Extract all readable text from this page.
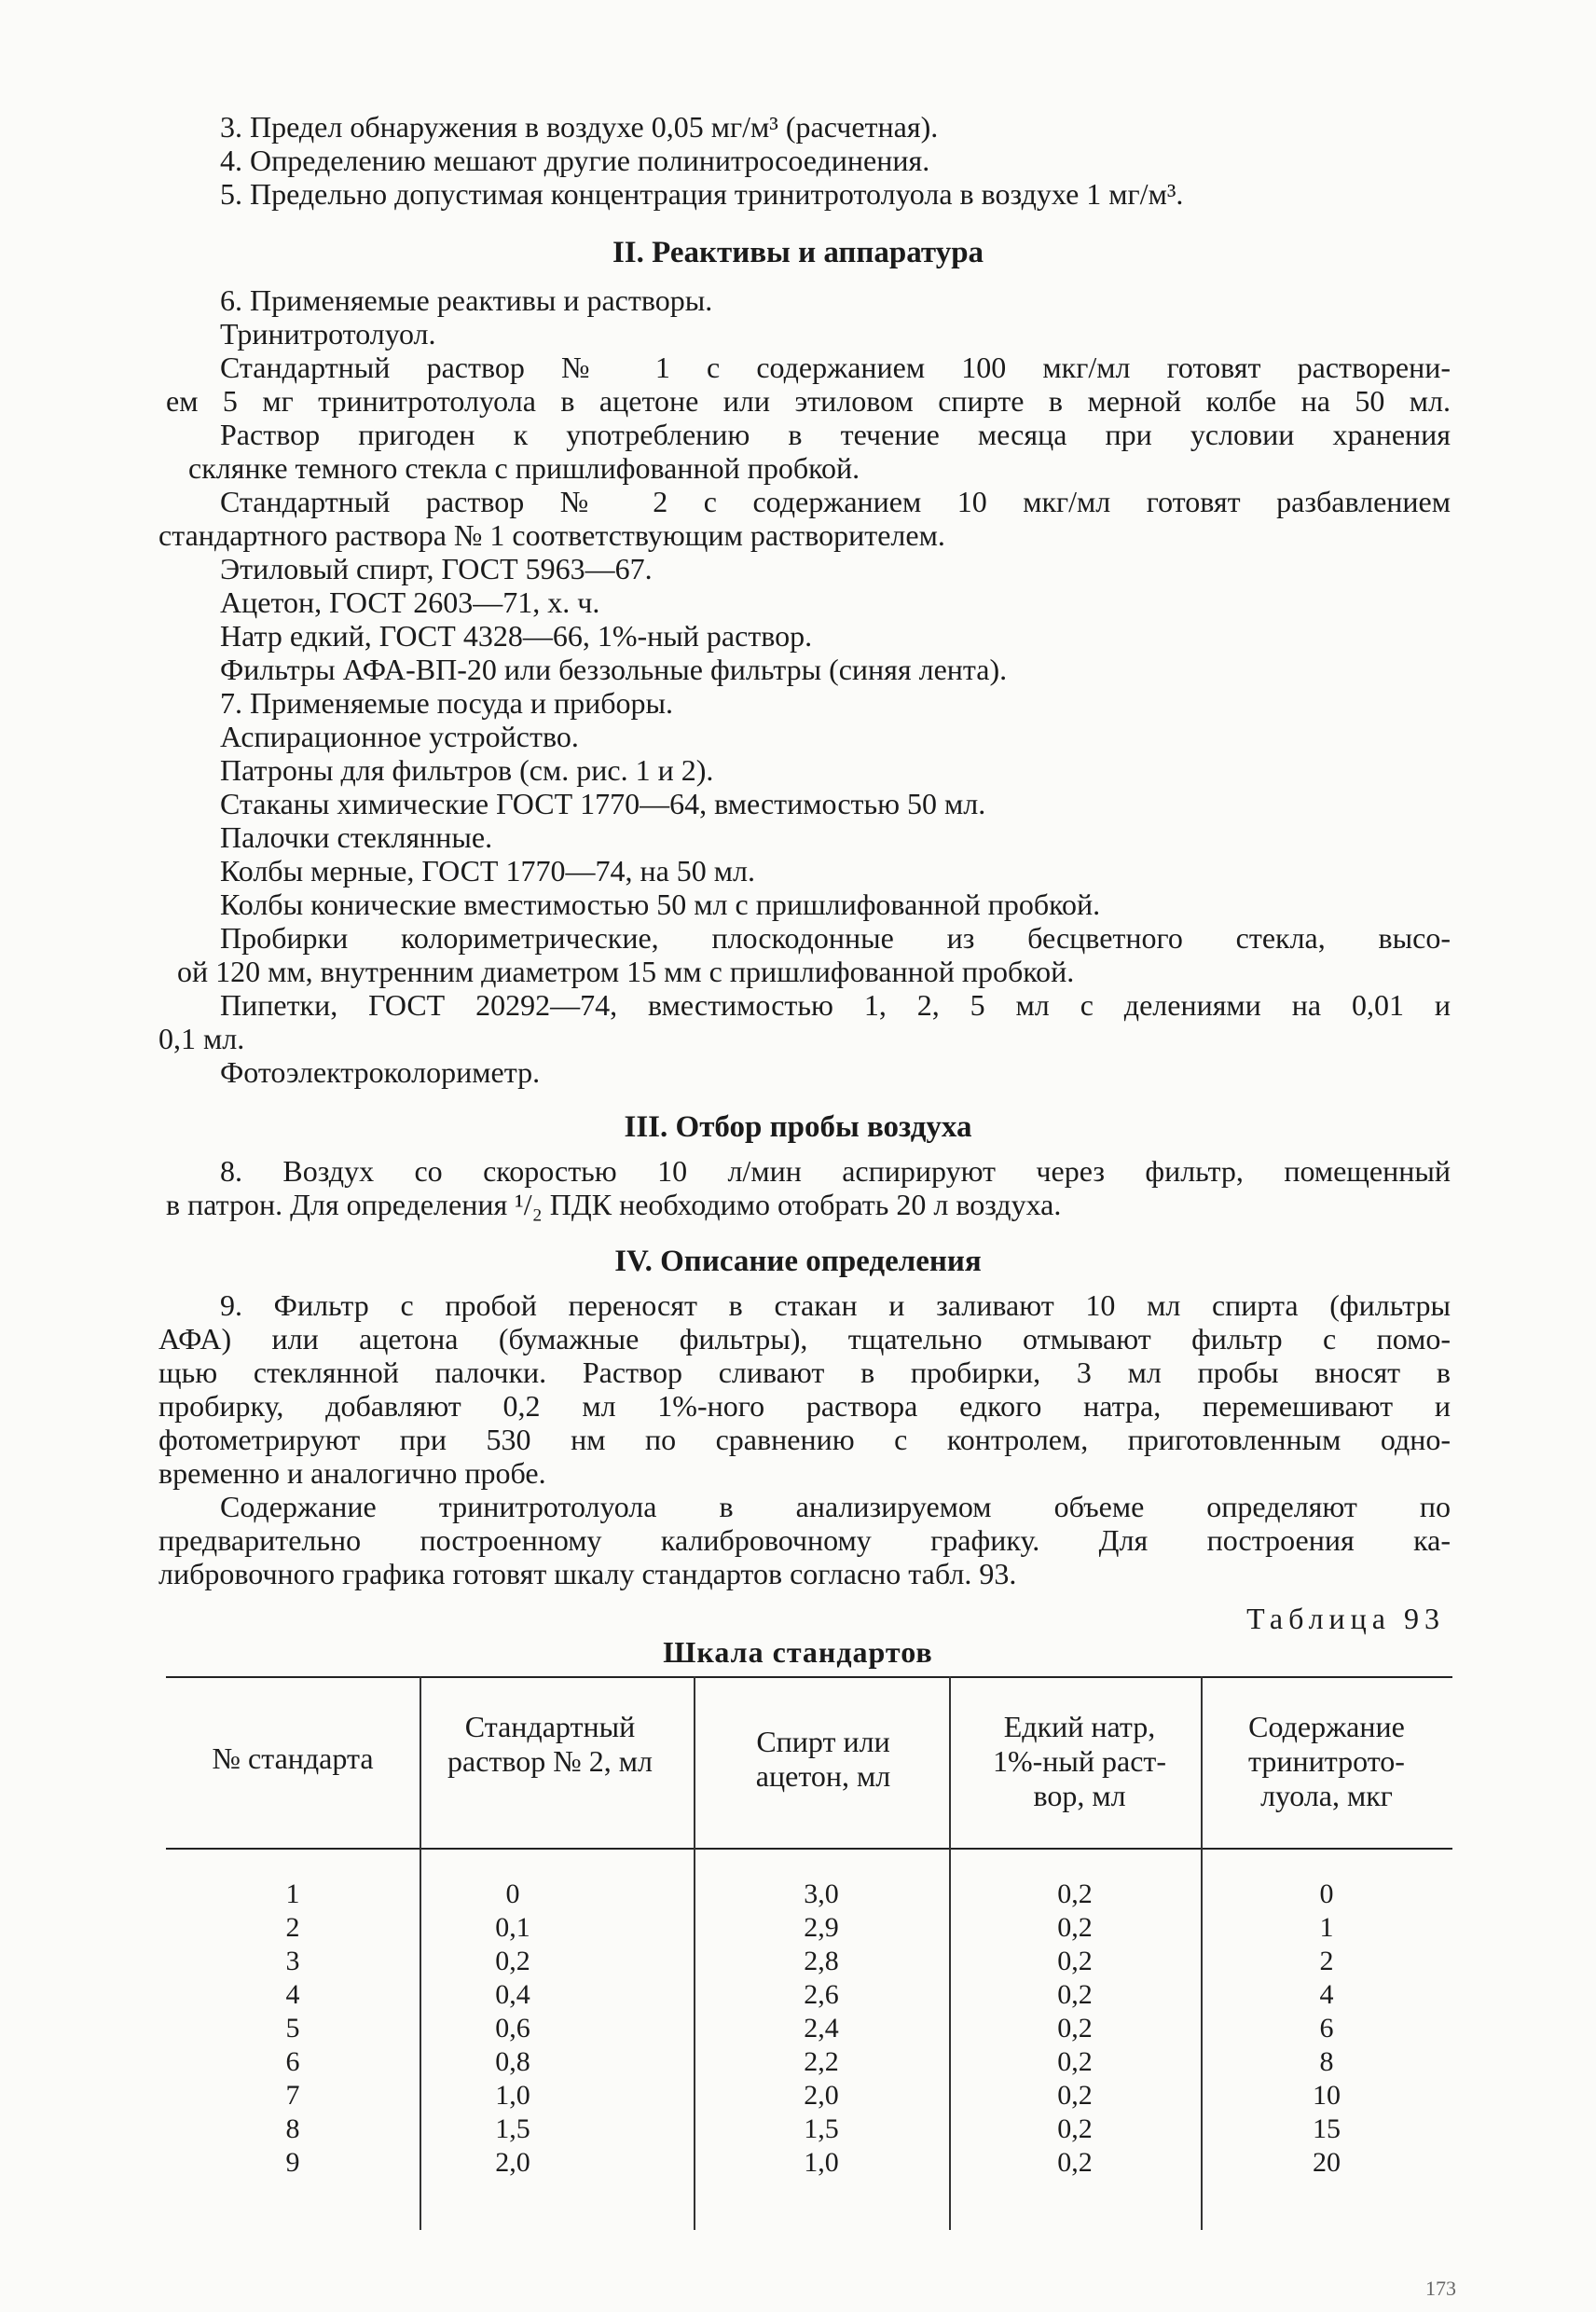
3. Предел обнаружения в воздухе 0,05 мг/м³ (расчетная).
4. Определению мешают другие полинитросоединения.
5. Предельно допустимая концентрация тринитротолуола в воздухе 1 мг/м³.
II. Реактивы и аппаратура
6. Применяемые реактивы и растворы.
Тринитротолуол.
Стандартный раствор № 1 с содержанием 100 мкг/мл готовят растворени-
ем 5 мг тринитротолуола в ацетоне или этиловом спирте в мерной колбе на 50 мл.
Раствор пригоден к употреблению в течение месяца при условии хранения
склянке темного стекла с пришлифованной пробкой.
Стандартный раствор № 2 с содержанием 10 мкг/мл готовят разбавлением
стандартного раствора № 1 соответствующим растворителем.
Этиловый спирт, ГОСТ 5963—67.
Ацетон, ГОСТ 2603—71, х. ч.
Натр едкий, ГОСТ 4328—66, 1%-ный раствор.
Фильтры АФА-ВП-20 или беззольные фильтры (синяя лента).
7. Применяемые посуда и приборы.
Аспирационное устройство.
Патроны для фильтров (см. рис. 1 и 2).
Стаканы химические ГОСТ 1770—64, вместимостью 50 мл.
Палочки стеклянные.
Колбы мерные, ГОСТ 1770—74, на 50 мл.
Колбы конические вместимостью 50 мл с пришлифованной пробкой.
Пробирки колориметрические, плоскодонные из бесцветного стекла, высо-
ой 120 мм, внутренним диаметром 15 мм с пришлифованной пробкой.
Пипетки, ГОСТ 20292—74, вместимостью 1, 2, 5 мл с делениями на 0,01 и
0,1 мл.
Фотоэлектроколориметр.
III. Отбор пробы воздуха
8. Воздух со скоростью 10 л/мин аспирируют через фильтр, помещенный
в патрон. Для определения ¹/₂ ПДК необходимо отобрать 20 л воздуха.
IV. Описание определения
9. Фильтр с пробой переносят в стакан и заливают 10 мл спирта (фильтры
АФА) или ацетона (бумажные фильтры), тщательно отмывают фильтр с помо-
щью стеклянной палочки. Раствор сливают в пробирки, 3 мл пробы вносят в
пробирку, добавляют 0,2 мл 1%-ного раствора едкого натра, перемешивают и
фотометрируют при 530 нм по сравнению с контролем, приготовленным одно-
временно и аналогично пробе.
Содержание тринитротолуола в анализируемом объеме определяют по
предварительно построенному калибровочному графику. Для построения ка-
либровочного графика готовят шкалу стандартов согласно табл. 93.
Таблица 93
Шкала стандартов
№ стандарта
Стандартный раствор № 2, мл
Спирт или ацетон, мл
Едкий натр, 1%-ный раст-вор, мл
Содержание тринитрото-луола, мкг
1
2
3
4
5
6
7
8
9
0
0,1
0,2
0,4
0,6
0,8
1,0
1,5
2,0
3,0
2,9
2,8
2,6
2,4
2,2
2,0
1,5
1,0
0,2
0,2
0,2
0,2
0,2
0,2
0,2
0,2
0,2
0
1
2
4
6
8
10
15
20
173
